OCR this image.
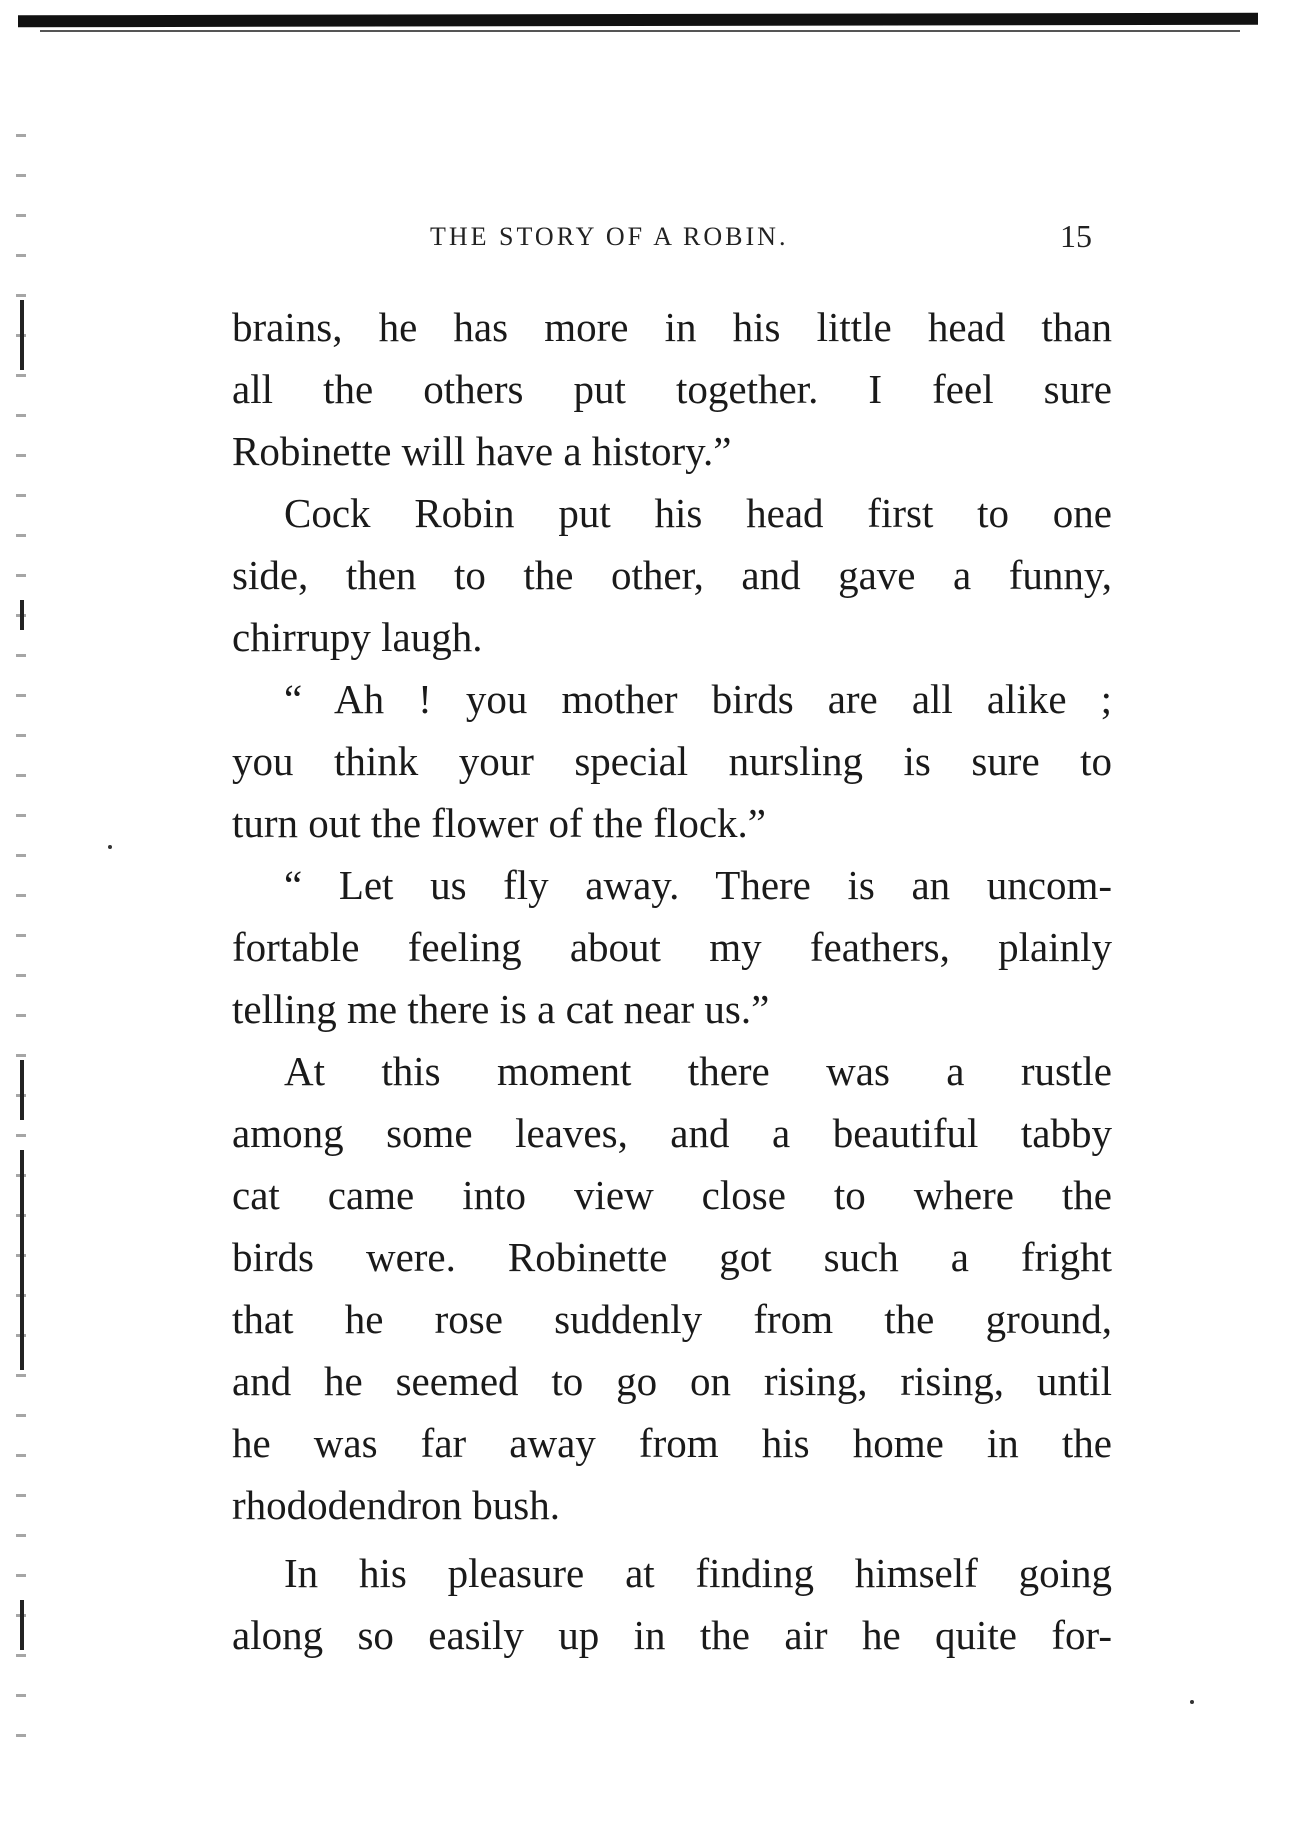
THE STORY OF A ROBIN.	15
brains, he has more in his little head than
all the others put together. I feel sure
Robinette will have a history.”
Cock Robin put his head first to one
side, then to the other, and gave a funny,
chirrupy laugh.
“ Ah ! you mother birds are all alike ;
you think your special nursling is sure to
turn out the flower of the flock.”
“ Let us fly away. There is an uncom-
fortable feeling about my feathers, plainly
telling me there is a cat near us.”
At this moment there was a rustle
among some leaves, and a beautiful tabby
cat came into view close to where the
birds were. Robinette got such a fright
that he rose suddenly from the ground,
and he seemed to go on rising, rising, until
he was far away from his home in the
rhododendron bush.
In his pleasure at finding himself going
along so easily up in the air he quite for-
